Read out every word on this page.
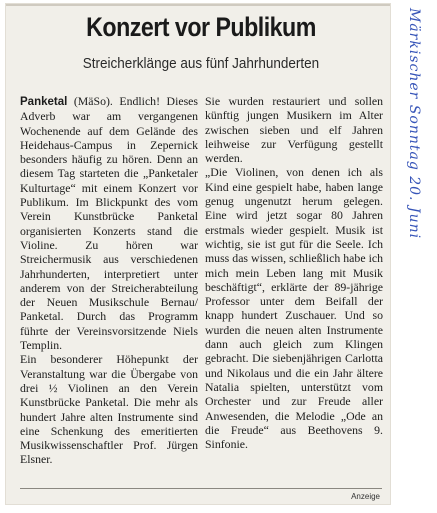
Konzert vor Publikum
Streicherklänge aus fünf Jahrhunderten

Panketal (MäSo). Endlich! Dieses Adverb war am vergangenen Wochenende auf dem Gelände des Heidehaus-Campus in Zepernick besonders häufig zu hören. Denn an diesem Tag starteten die „Panketaler Kulturtage“ mit einem Konzert vor Publikum. Im Blickpunkt des vom Verein Kunstbrücke Panketal organisierten Konzerts stand die Violine. Zu hören war Streichermusik aus verschiedenen Jahrhunderten, interpretiert unter anderem von der Streicherabteilung der Neuen Musikschule Bernau/ Panketal. Durch das Programm führte der Vereinsvorsitzende Niels Templin.

Ein besonderer Höhepunkt der Veranstaltung war die Übergabe von drei ½ Violinen an den Verein Kunstbrücke Panketal. Die mehr als hundert Jahre alten Instrumente sind eine Schenkung des emeritierten Musikwissenschaftler Prof. Jürgen Elsner.

Sie wurden restauriert und sollen künftig jungen Musikern im Alter zwischen sieben und elf Jahren leihweise zur Verfügung gestellt werden.

„Die Violinen, von denen ich als Kind eine gespielt habe, haben lange genug ungenutzt herum gelegen. Eine wird jetzt sogar 80 Jahren erstmals wieder gespielt. Musik ist wichtig, sie ist gut für die Seele. Ich muss das wissen, schließlich habe ich mich mein Leben lang mit Musik beschäftigt“, erklärte der 89-jährige Professor unter dem Beifall der knapp hundert Zuschauer. Und so wurden die neuen alten Instrumente dann auch gleich zum Klingen gebracht. Die siebenjährigen Carlotta und Nikolaus und die ein Jahr ältere Natalia spielten, unterstützt vom Orchester und zur Freude aller Anwesenden, die Melodie „Ode an die Freude“ aus Beethovens 9. Sinfonie.

Anzeige
Märkischer Sonntag 20. Juni
